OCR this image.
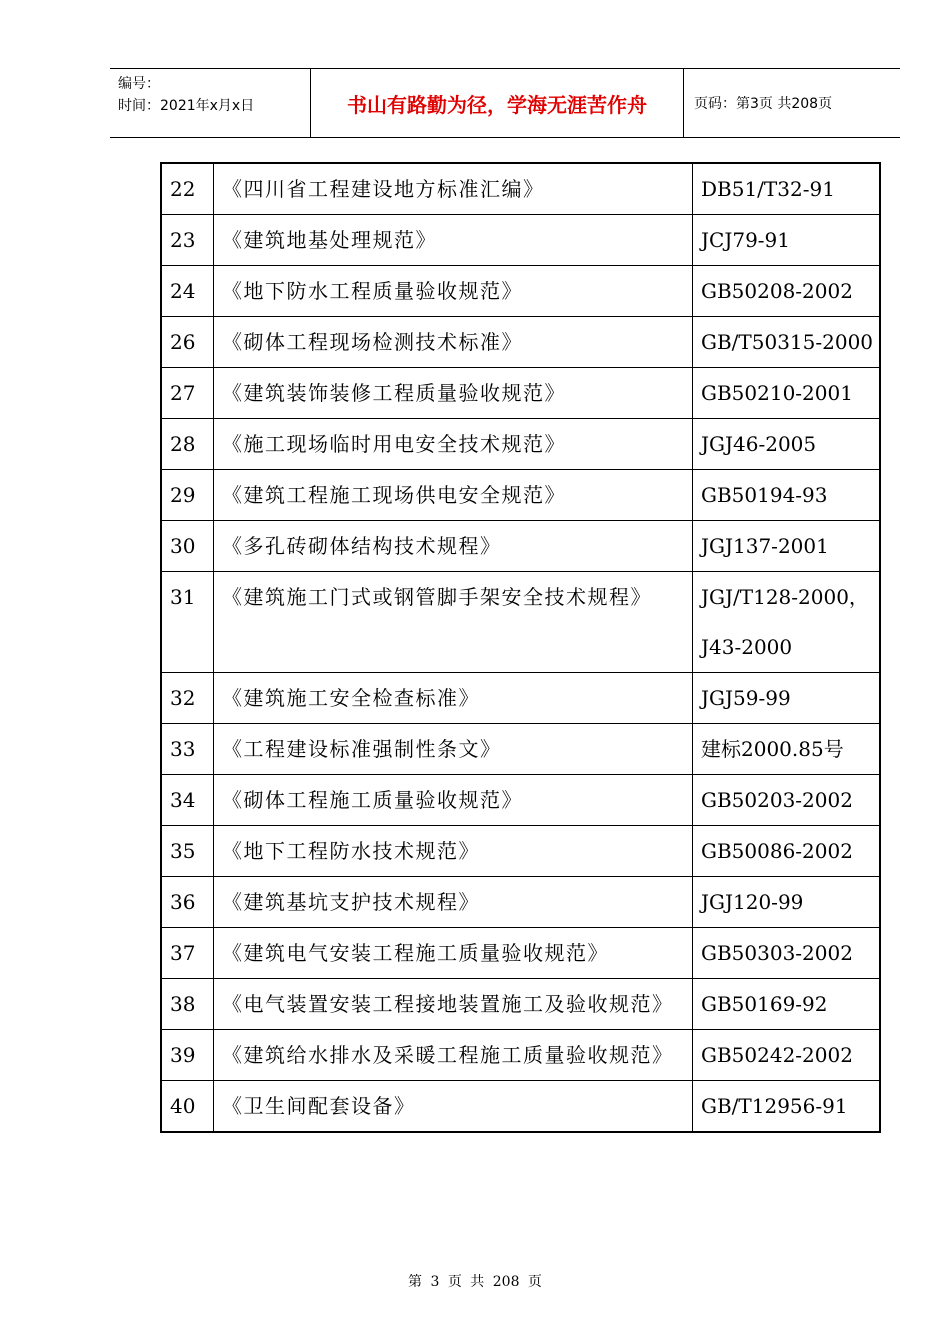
编号：
时间：2021年x月x日	书山有路勤为径，学海无涯苦作舟	页码：第3页 共208页
22	《四川省工程建设地方标准汇编》	DB51/T32-91
23	《建筑地基处理规范》	JCJ79-91
24	《地下防水工程质量验收规范》	GB50208-2002
26	《砌体工程现场检测技术标准》	GB/T50315-2000
27	《建筑装饰装修工程质量验收规范》	GB50210-2001
28	《施工现场临时用电安全技术规范》	JGJ46-2005
29	《建筑工程施工现场供电安全规范》	GB50194-93
30	《多孔砖砌体结构技术规程》	JGJ137-2001
31	《建筑施工门式或钢管脚手架安全技术规程》	JGJ/T128-2000，J43-2000
32	《建筑施工安全检查标准》	JGJ59-99
33	《工程建设标准强制性条文》	建标2000.85号
34	《砌体工程施工质量验收规范》	GB50203-2002
35	《地下工程防水技术规范》	GB50086-2002
36	《建筑基坑支护技术规程》	JGJ120-99
37	《建筑电气安装工程施工质量验收规范》	GB50303-2002
38	《电气装置安装工程接地装置施工及验收规范》	GB50169-92
39	《建筑给水排水及采暖工程施工质量验收规范》	GB50242-2002
40	《卫生间配套设备》	GB/T12956-91
第 3 页 共 208 页
